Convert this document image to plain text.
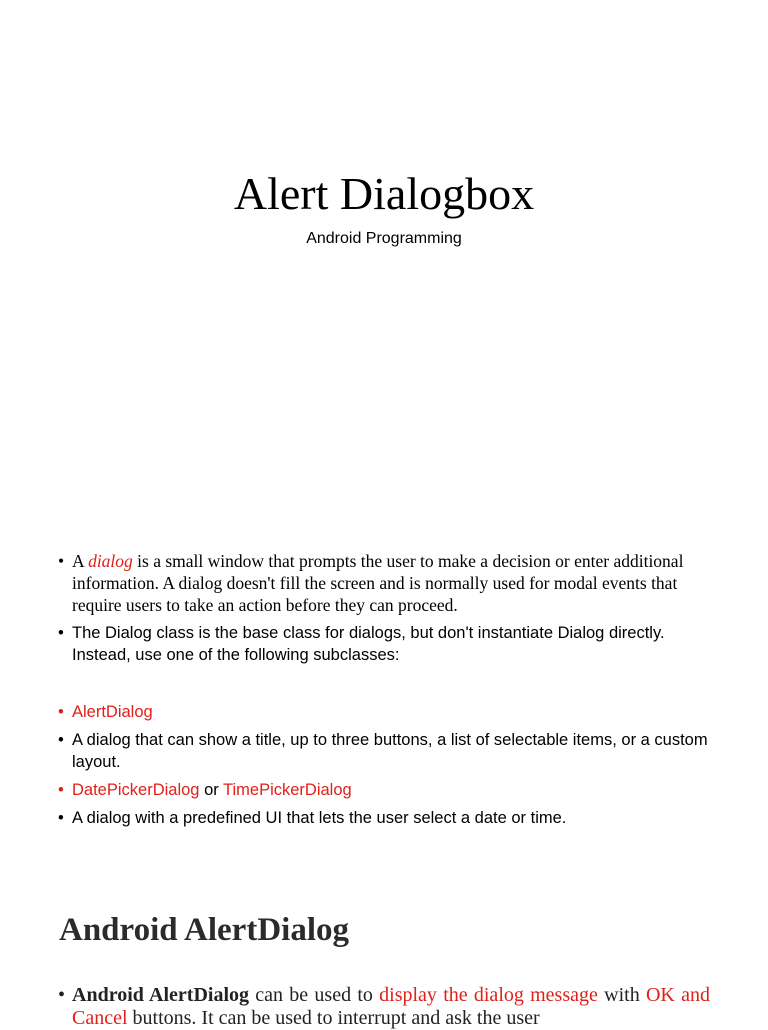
Alert Dialogbox

Android Programming

• A dialog is a small window that prompts the user to make a decision or enter additional information. A dialog doesn't fill the screen and is normally used for modal events that require users to take an action before they can proceed.
• The Dialog class is the base class for dialogs, but don't instantiate Dialog directly. Instead, use one of the following subclasses:
• AlertDialog
• A dialog that can show a title, up to three buttons, a list of selectable items, or a custom layout.
• DatePickerDialog or TimePickerDialog
• A dialog with a predefined UI that lets the user select a date or time.
Android AlertDialog
• Android AlertDialog can be used to display the dialog message with OK and Cancel buttons. It can be used to interrupt and ask the user
